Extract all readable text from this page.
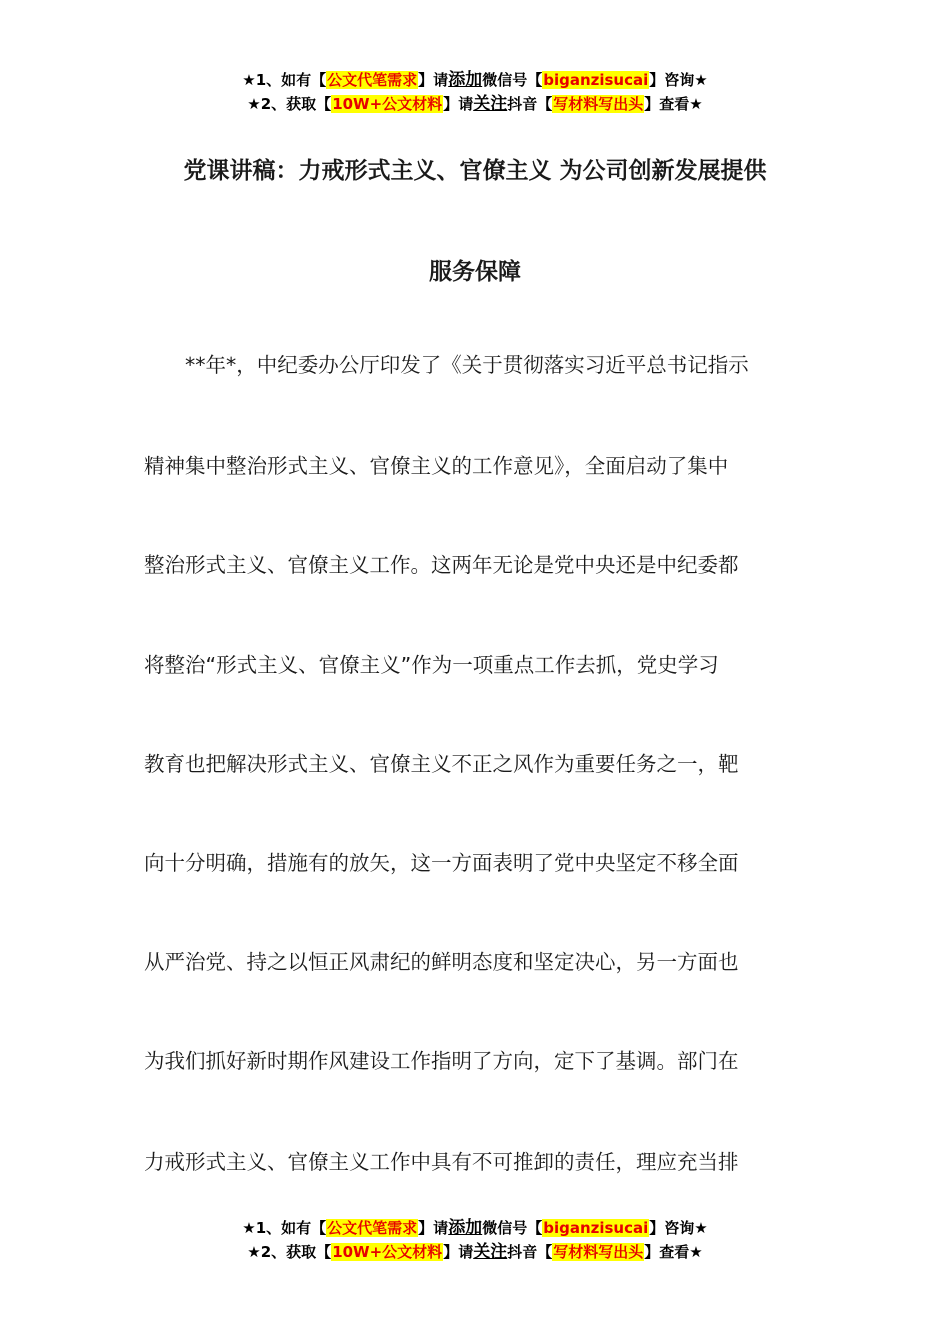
★1、如有【公文代笔需求】请添加微信号【biganzisucai】咨询★
★2、获取【10W+公文材料】请关注抖音【写材料写出头】查看★
党课讲稿：力戒形式主义、官僚主义 为公司创新发展提供
服务保障
　　**年*，中纪委办公厅印发了《关于贯彻落实习近平总书记指示
精神集中整治形式主义、官僚主义的工作意见》，全面启动了集中
整治形式主义、官僚主义工作。这两年无论是党中央还是中纪委都
将整治“形式主义、官僚主义”作为一项重点工作去抓，党史学习
教育也把解决形式主义、官僚主义不正之风作为重要任务之一，靶
向十分明确，措施有的放矢，这一方面表明了党中央坚定不移全面
从严治党、持之以恒正风肃纪的鲜明态度和坚定决心，另一方面也
为我们抓好新时期作风建设工作指明了方向，定下了基调。部门在
力戒形式主义、官僚主义工作中具有不可推卸的责任，理应充当排
★1、如有【公文代笔需求】请添加微信号【biganzisucai】咨询★
★2、获取【10W+公文材料】请关注抖音【写材料写出头】查看★
